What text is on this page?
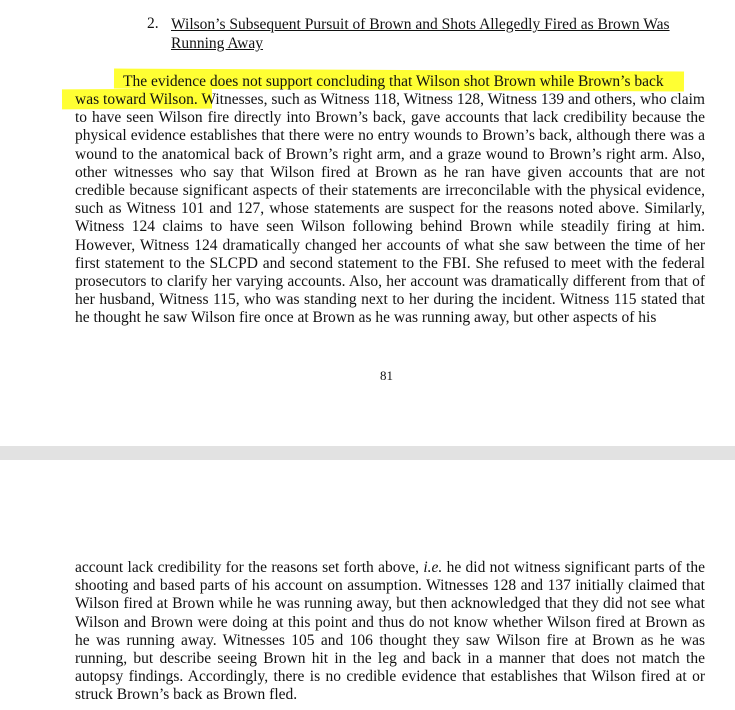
2. Wilson’s Subsequent Pursuit of Brown and Shots Allegedly Fired as Brown Was Running Away
The evidence does not support concluding that Wilson shot Brown while Brown’s back
was toward Wilson. Witnesses, such as Witness 118, Witness 128, Witness 139 and others, who claim to have seen Wilson fire directly into Brown’s back, gave accounts that lack credibility because the physical evidence establishes that there were no entry wounds to Brown’s back, although there was a wound to the anatomical back of Brown’s right arm, and a graze wound to Brown’s right arm. Also, other witnesses who say that Wilson fired at Brown as he ran have given accounts that are not credible because significant aspects of their statements are irreconcilable with the physical evidence, such as Witness 101 and 127, whose statements are suspect for the reasons noted above. Similarly, Witness 124 claims to have seen Wilson following behind Brown while steadily firing at him. However, Witness 124 dramatically changed her accounts of what she saw between the time of her first statement to the SLCPD and second statement to the FBI. She refused to meet with the federal prosecutors to clarify her varying accounts. Also, her account was dramatically different from that of her husband, Witness 115, who was standing next to her during the incident. Witness 115 stated that he thought he saw Wilson fire once at Brown as he was running away, but other aspects of his
81
account lack credibility for the reasons set forth above, i.e. he did not witness significant parts of the shooting and based parts of his account on assumption. Witnesses 128 and 137 initially claimed that Wilson fired at Brown while he was running away, but then acknowledged that they did not see what Wilson and Brown were doing at this point and thus do not know whether Wilson fired at Brown as he was running away. Witnesses 105 and 106 thought they saw Wilson fire at Brown as he was running, but describe seeing Brown hit in the leg and back in a manner that does not match the autopsy findings. Accordingly, there is no credible evidence that establishes that Wilson fired at or struck Brown’s back as Brown fled.
